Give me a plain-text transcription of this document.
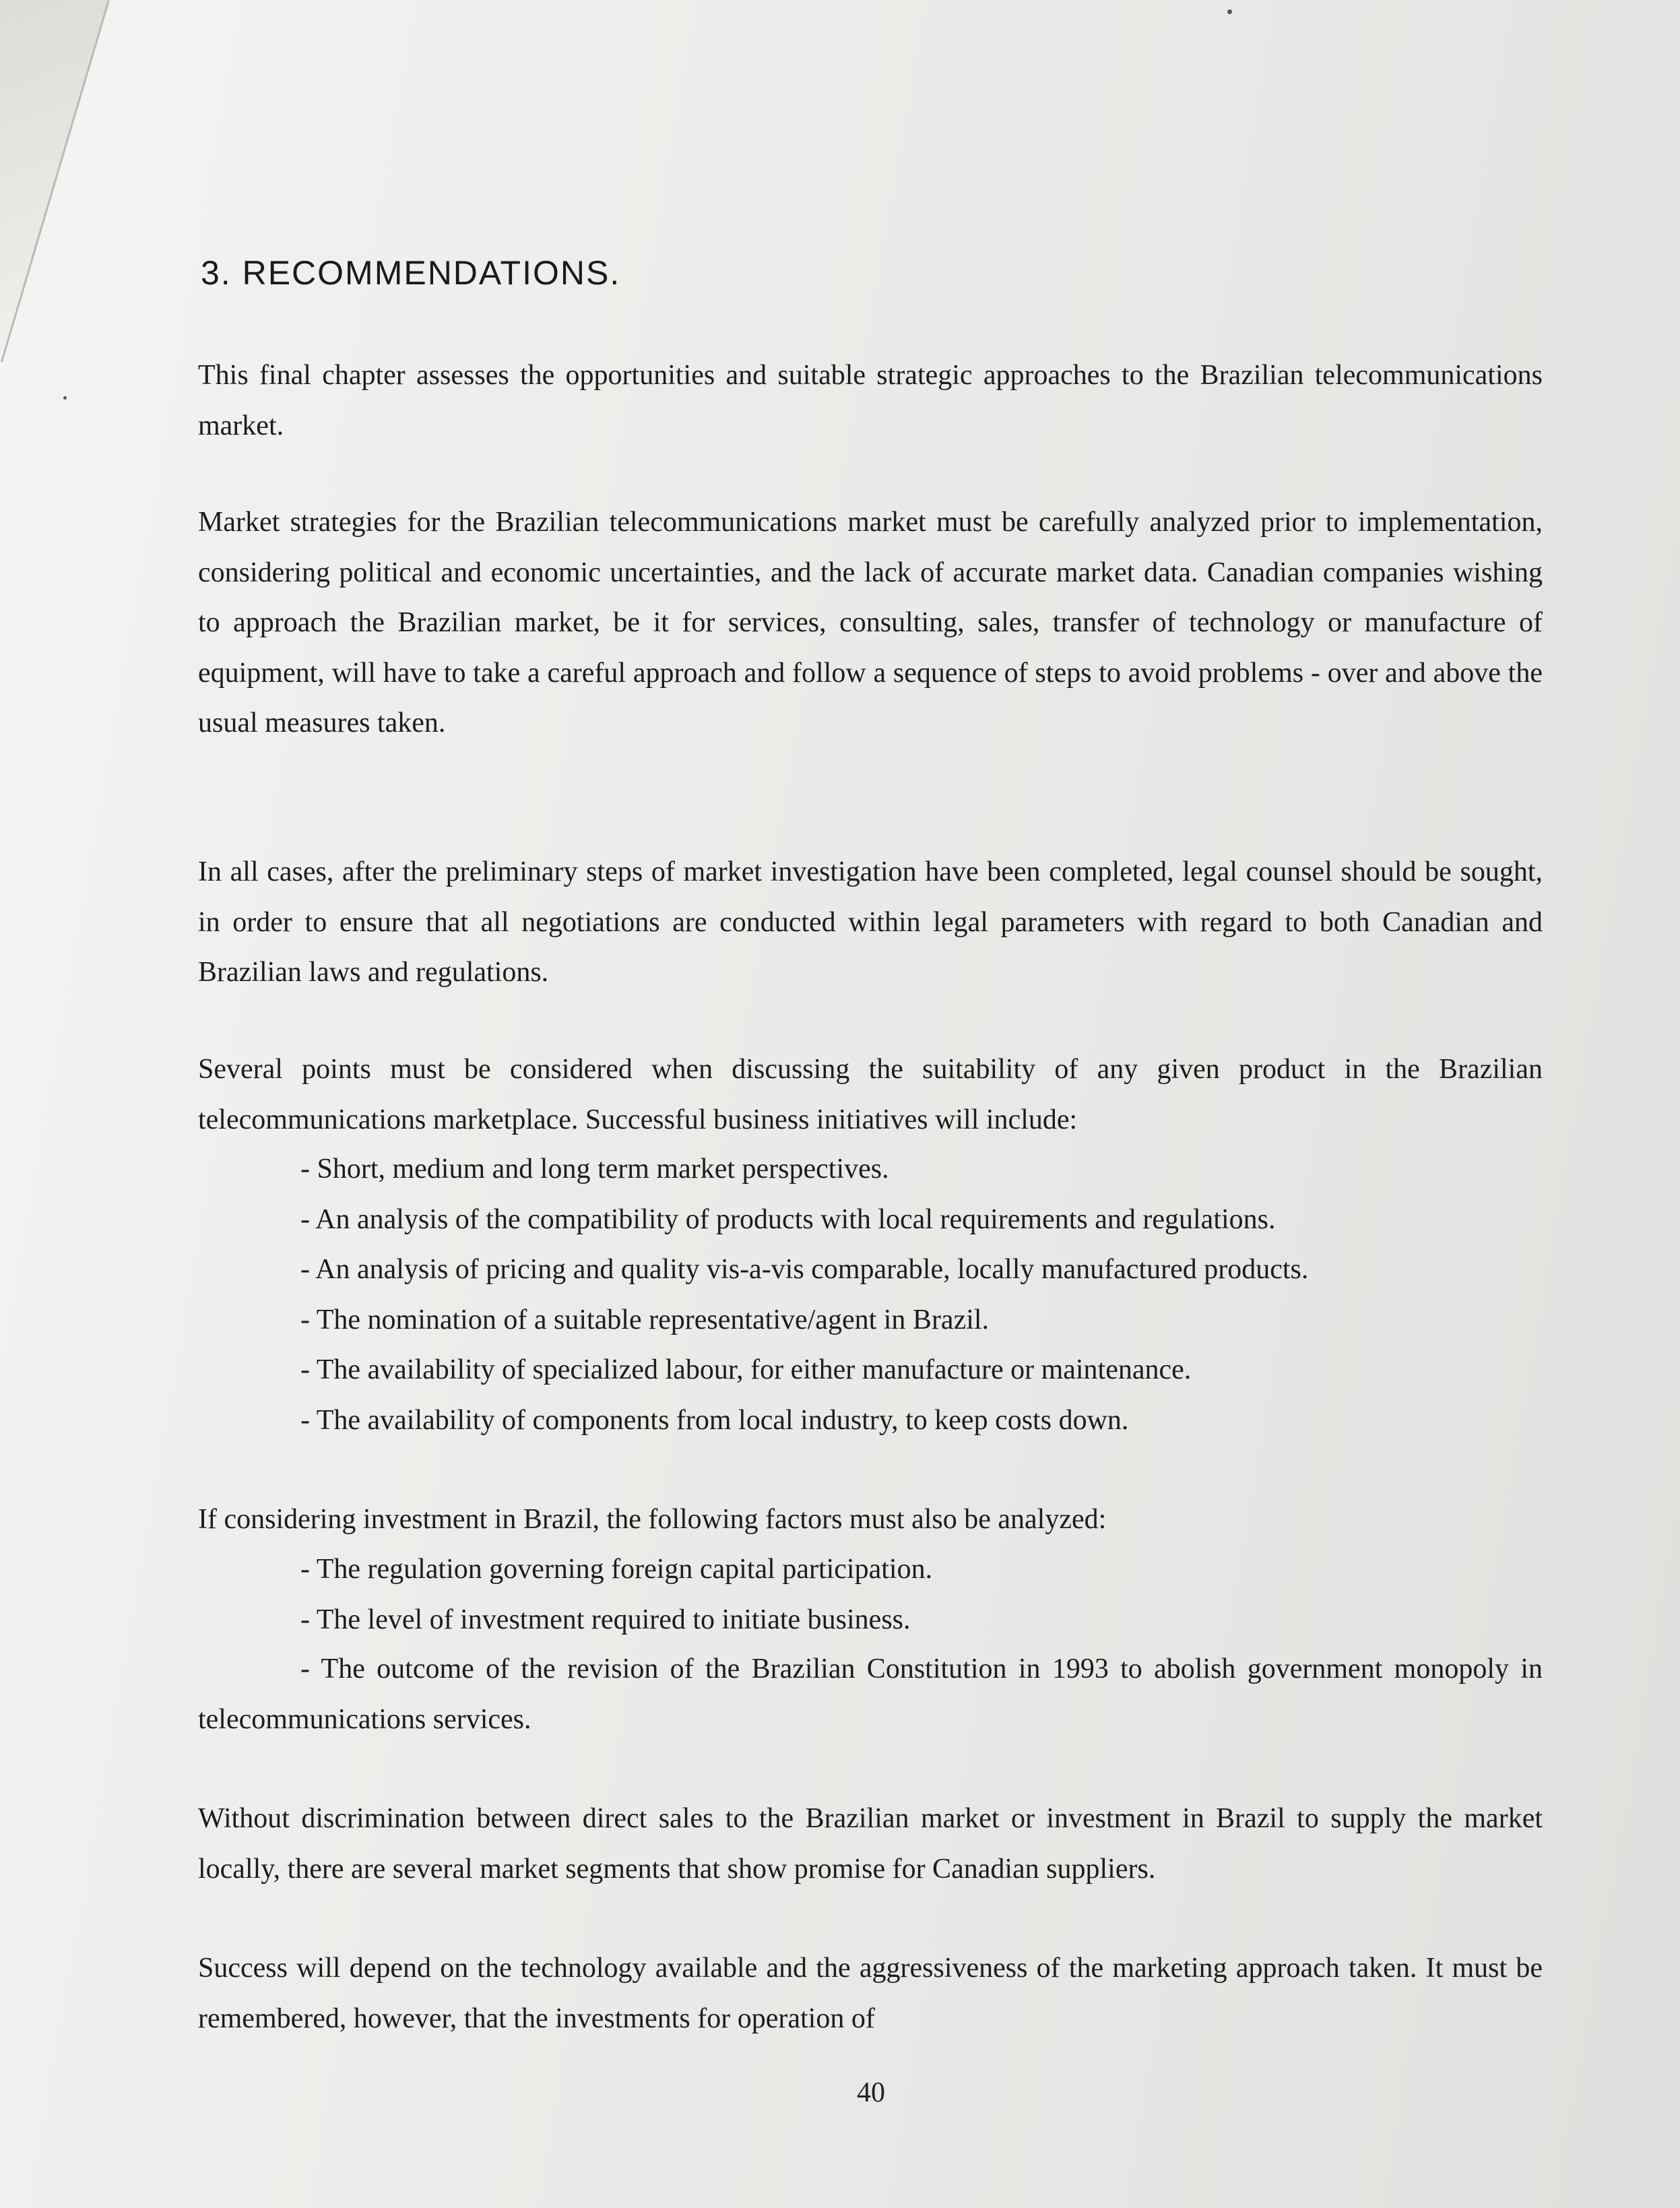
3. RECOMMENDATIONS.

This final chapter assesses the opportunities and suitable strategic approaches to the Brazilian telecommunications market.

Market strategies for the Brazilian telecommunications market must be carefully analyzed prior to implementation, considering political and economic uncertainties, and the lack of accurate market data. Canadian companies wishing to approach the Brazilian market, be it for services, consulting, sales, transfer of technology or manufacture of equipment, will have to take a careful approach and follow a sequence of steps to avoid problems - over and above the usual measures taken.

In all cases, after the preliminary steps of market investigation have been completed, legal counsel should be sought, in order to ensure that all negotiations are conducted within legal parameters with regard to both Canadian and Brazilian laws and regulations.

Several points must be considered when discussing the suitability of any given product in the Brazilian telecommunications marketplace. Successful business initiatives will include:

- Short, medium and long term market perspectives.
- An analysis of the compatibility of products with local requirements and regulations.
- An analysis of pricing and quality vis-a-vis comparable, locally manufactured products.
- The nomination of a suitable representative/agent in Brazil.
- The availability of specialized labour, for either manufacture or maintenance.
- The availability of components from local industry, to keep costs down.

If considering investment in Brazil, the following factors must also be analyzed:

- The regulation governing foreign capital participation.
- The level of investment required to initiate business.

- The outcome of the revision of the Brazilian Constitution in 1993 to abolish government monopoly in telecommunications services.

Without discrimination between direct sales to the Brazilian market or investment in Brazil to supply the market locally, there are several market segments that show promise for Canadian suppliers.

Success will depend on the technology available and the aggressiveness of the marketing approach taken. It must be remembered, however, that the investments for operation of

40
